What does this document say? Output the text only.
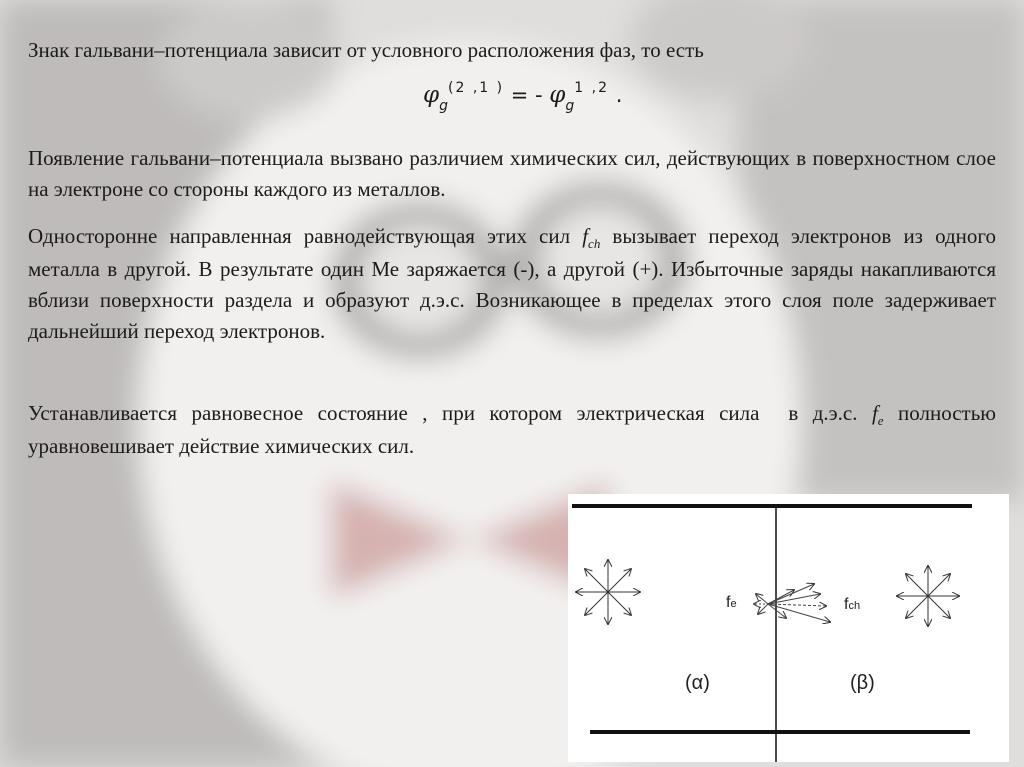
Знак гальвани–потенциала зависит от условного расположения фаз, то есть

$\varphi_g^{(2 ,1 )}$ = - $\varphi_g^{1 ,2}$ .

Появление гальвани–потенциала вызвано различием химических сил, действующих в поверхностном слое на электроне со стороны каждого из металлов.

Односторонне направленная равнодействующая этих сил $f_{ch}$ вызывает переход электронов из одного металла в другой. В результате один Ме заряжается (-), а другой (+). Избыточные заряды накапливаются вблизи поверхности раздела и образуют д.э.с. Возникающее в пределах этого слоя поле задерживает дальнейший переход электронов.

Устанавливается равновесное состояние , при котором электрическая сила  в д.э.с. $f_e$ полностью уравновешивает действие химических сил.

fe	fch
(α)	(β)
